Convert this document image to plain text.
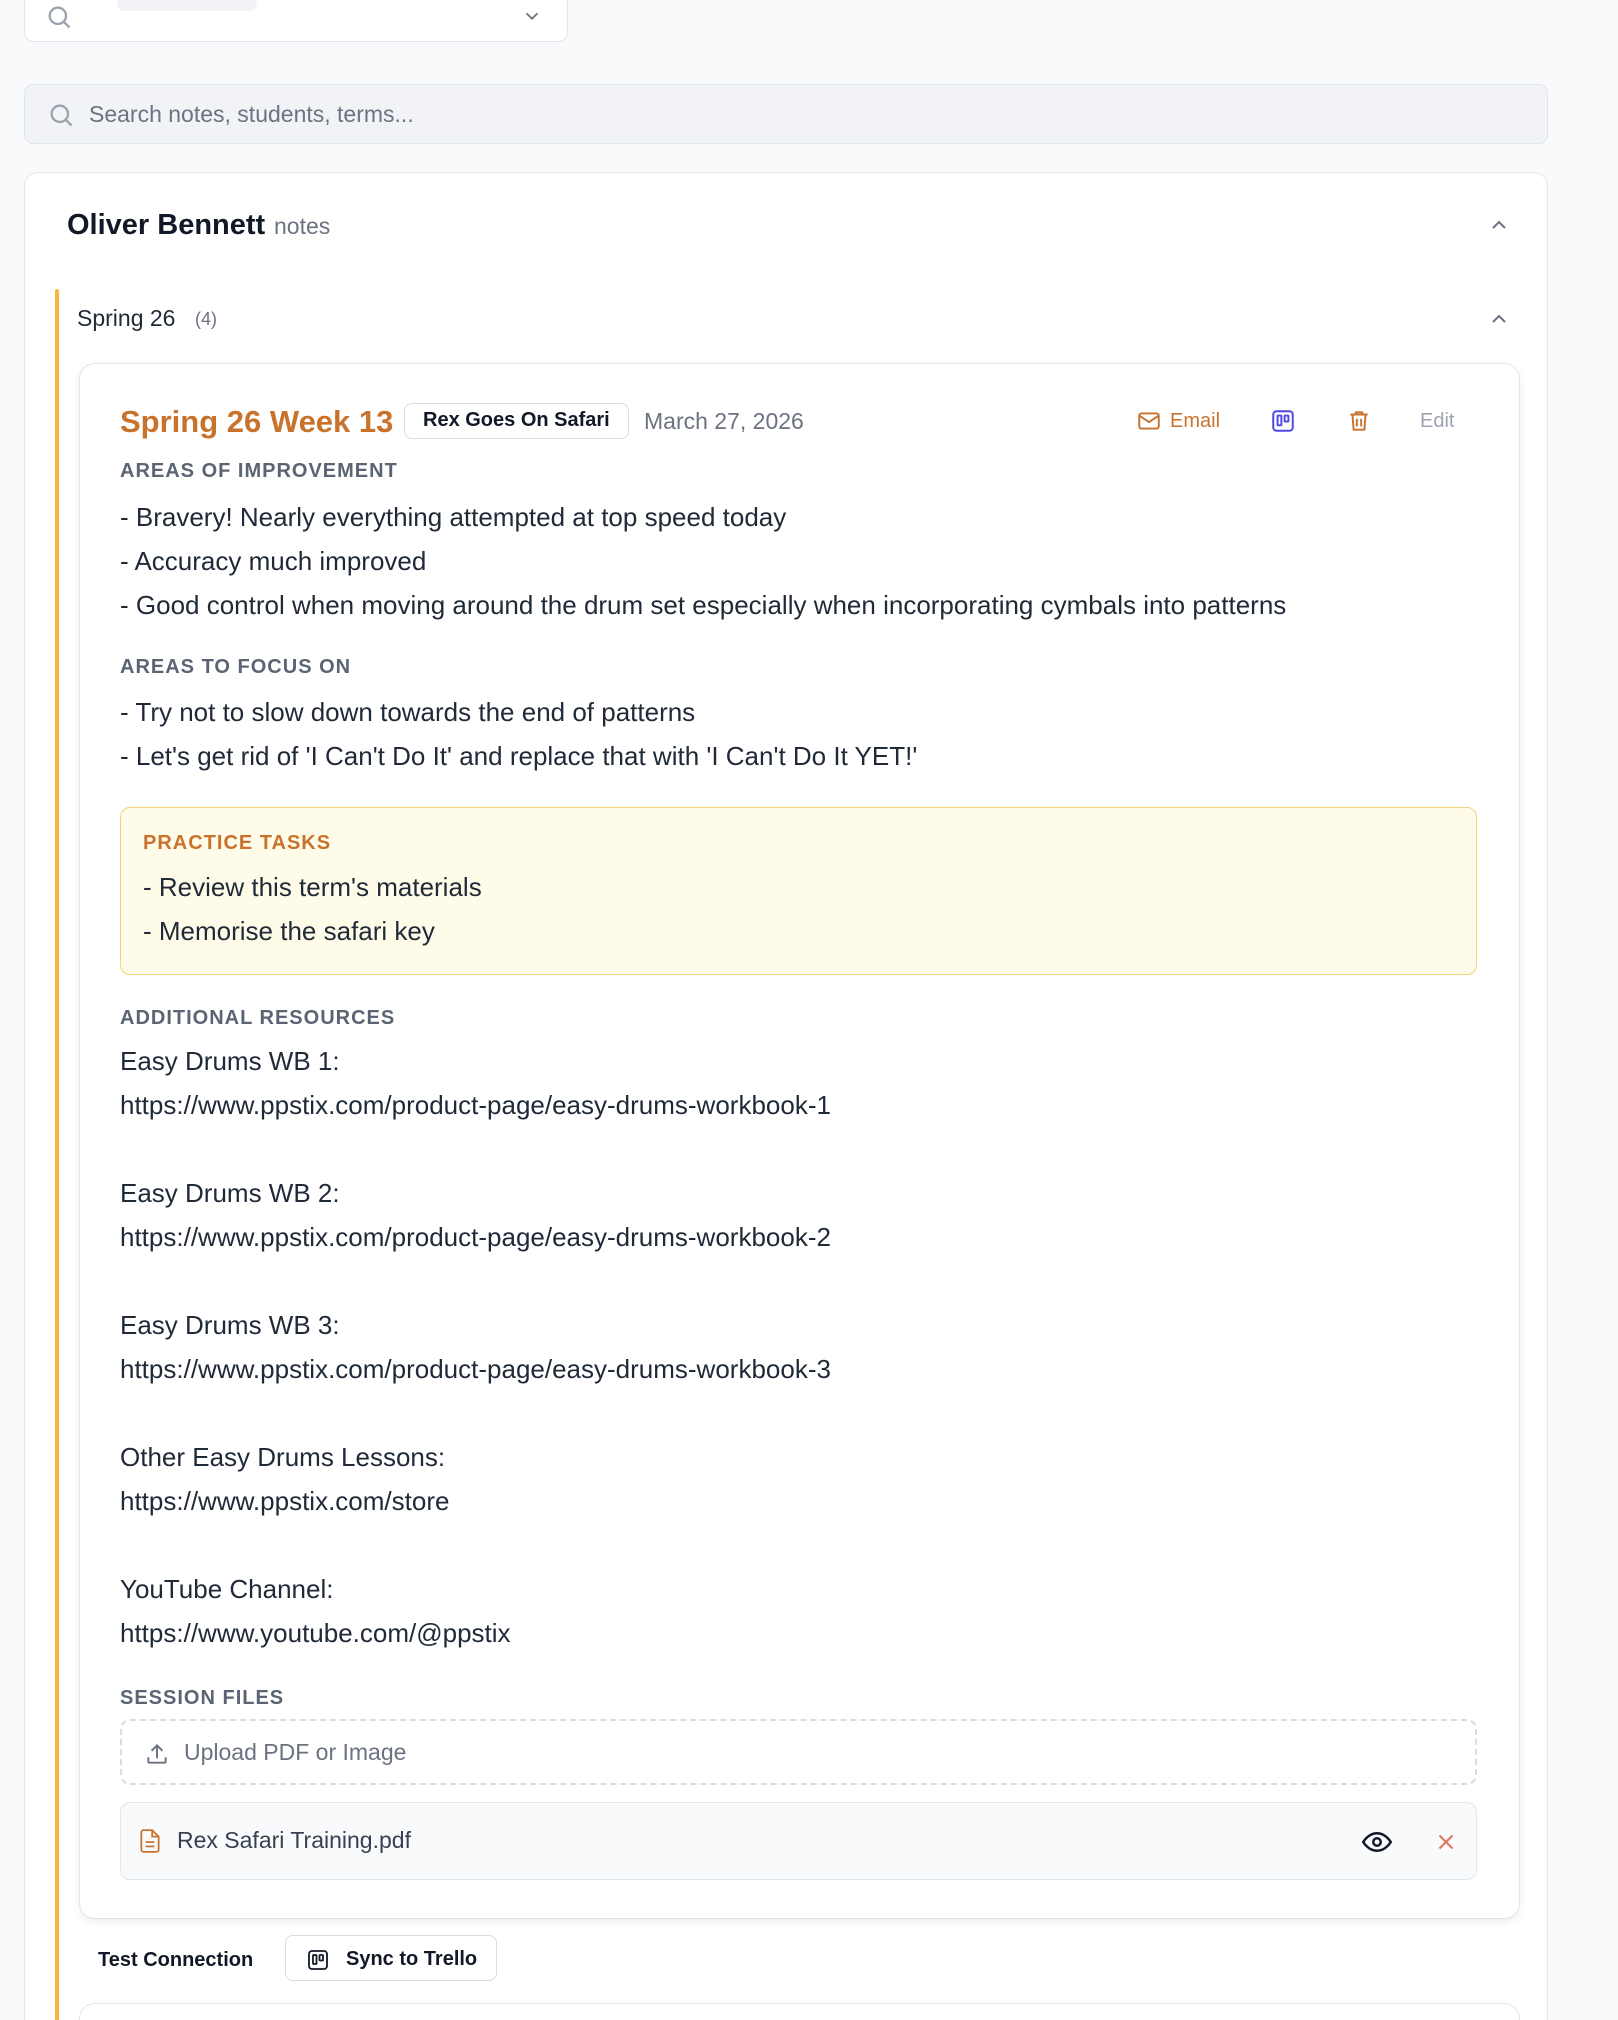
Search notes, students, terms...
Oliver Bennett notes
Spring 26 (4)
Spring 26 Week 13	Rex Goes On Safari	March 27, 2026	Email	Edit
AREAS OF IMPROVEMENT
- Bravery! Nearly everything attempted at top speed today
- Accuracy much improved
- Good control when moving around the drum set especially when incorporating cymbals into patterns
AREAS TO FOCUS ON
- Try not to slow down towards the end of patterns
- Let's get rid of 'I Can't Do It' and replace that with 'I Can't Do It YET!'
PRACTICE TASKS
- Review this term's materials
- Memorise the safari key
ADDITIONAL RESOURCES
Easy Drums WB 1:
https://www.ppstix.com/product-page/easy-drums-workbook-1
Easy Drums WB 2:
https://www.ppstix.com/product-page/easy-drums-workbook-2
Easy Drums WB 3:
https://www.ppstix.com/product-page/easy-drums-workbook-3
Other Easy Drums Lessons:
https://www.ppstix.com/store
YouTube Channel:
https://www.youtube.com/@ppstix
SESSION FILES
Upload PDF or Image
Rex Safari Training.pdf
Test Connection	Sync to Trello
